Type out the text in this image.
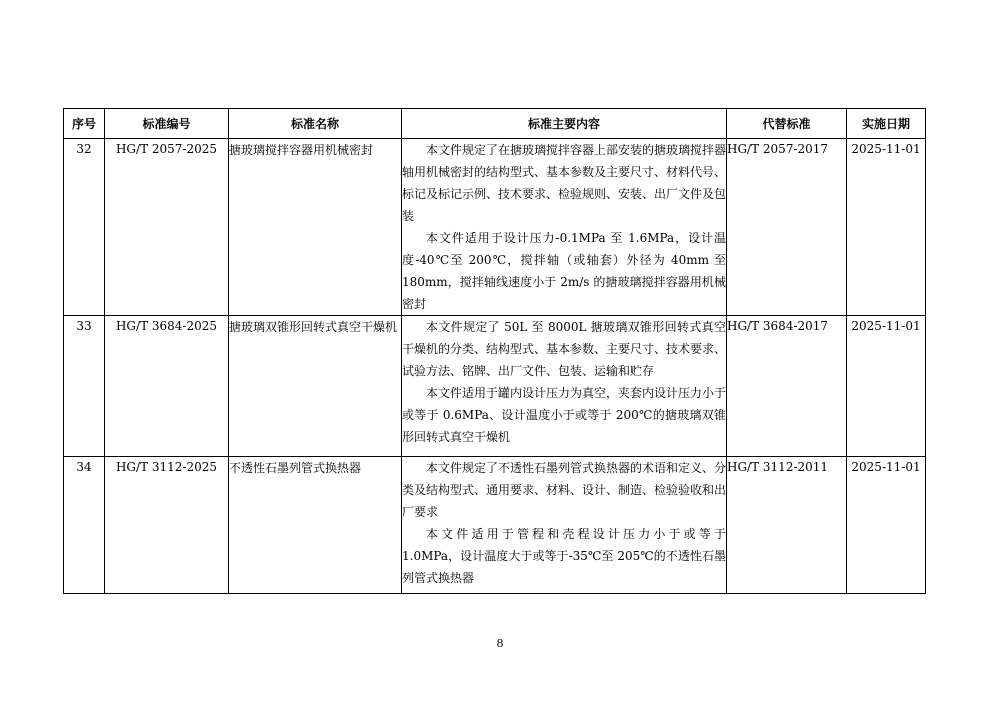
序号	标准编号	标准名称	标准主要内容	代替标准	实施日期
32	HG/T 2057-2025	搪玻璃搅拌容器用机械密封	本文件规定了在搪玻璃搅拌容器上部安装的搪玻璃搅拌器轴用机械密封的结构型式、基本参数及主要尺寸、材料代号、标记及标记示例、技术要求、检验规则、安装、出厂文件及包装

本文件适用于设计压力-0.1MPa 至 1.6MPa，设计温度-40℃至 200℃，搅拌轴（或轴套）外径为 40mm 至 180mm，搅拌轴线速度小于 2m/s 的搪玻璃搅拌容器用机械密封	HG/T 2057-2017	2025-11-01
33	HG/T 3684-2025	搪玻璃双锥形回转式真空干燥机	本文件规定了 50L 至 8000L 搪玻璃双锥形回转式真空干燥机的分类、结构型式、基本参数、主要尺寸、技术要求、试验方法、铭牌、出厂文件、包装、运输和贮存

本文件适用于罐内设计压力为真空，夹套内设计压力小于或等于 0.6MPa、设计温度小于或等于 200℃的搪玻璃双锥形回转式真空干燥机	HG/T 3684-2017	2025-11-01
34	HG/T 3112-2025	不透性石墨列管式换热器	本文件规定了不透性石墨列管式换热器的术语和定义、分类及结构型式、通用要求、材料、设计、制造、检验验收和出厂要求

本文件适用于管程和壳程设计压力小于或等于 1.0MPa，设计温度大于或等于-35℃至 205℃的不透性石墨列管式换热器	HG/T 3112-2011	2025-11-01
8
